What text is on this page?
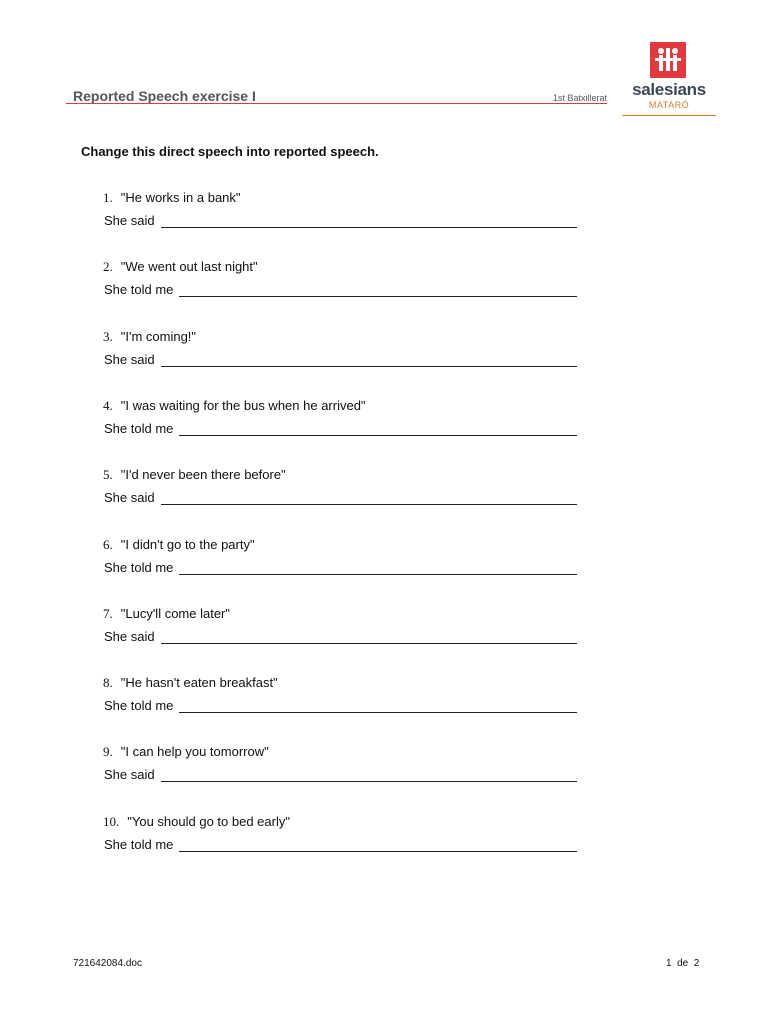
Reported Speech exercise I	1st Batxillerat	salesians
MATARÓ
Change this direct speech into reported speech.
1. "He works in a bank"
She said
2. "We went out last night"
She told me
3. "I'm coming!"
She said
4. "I was waiting for the bus when he arrived"
She told me
5. "I'd never been there before"
She said
6. "I didn't go to the party"
She told me
7. "Lucy'll come later"
She said
8. "He hasn't eaten breakfast"
She told me
9. "I can help you tomorrow"
She said
10. "You should go to bed early"
She told me
721642084.doc	1  de  2
